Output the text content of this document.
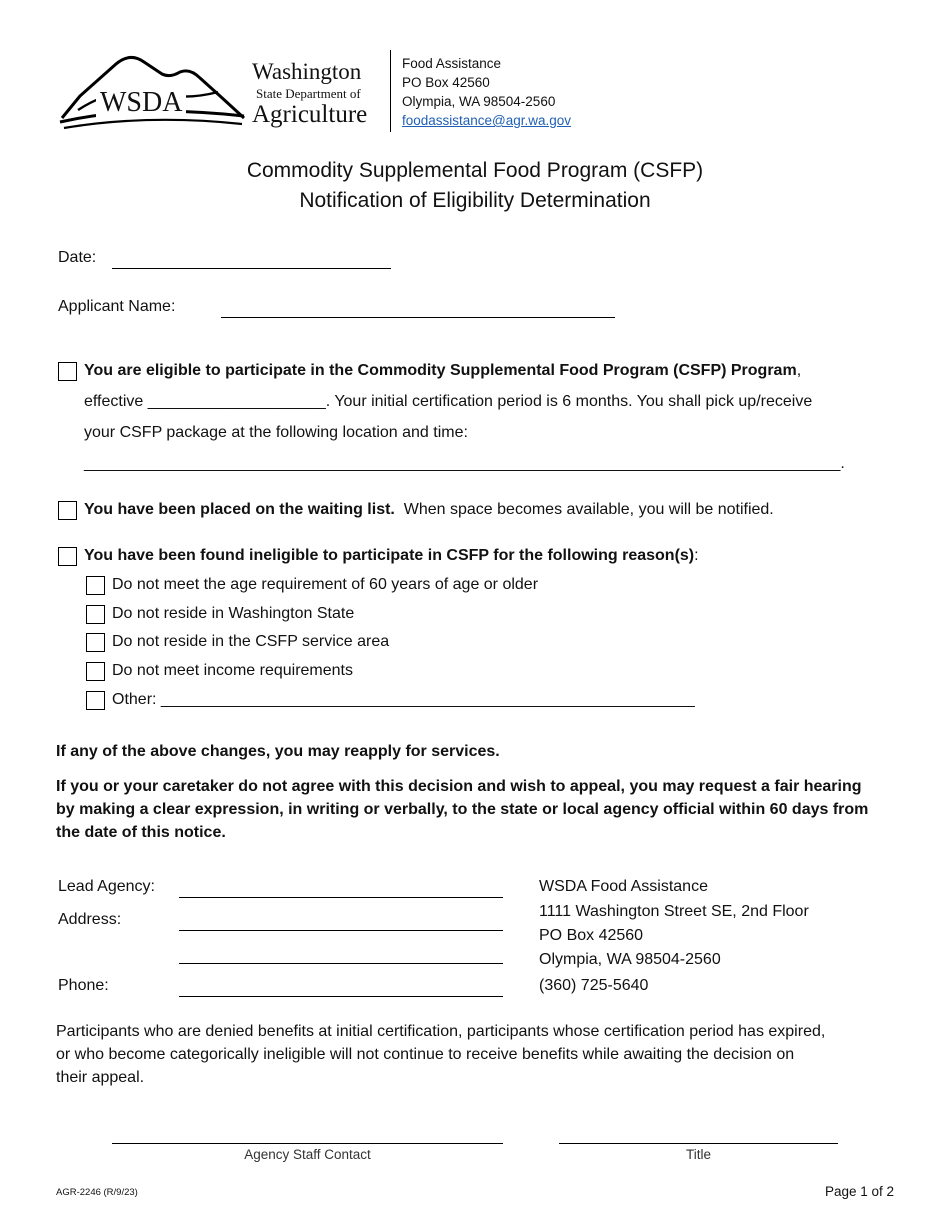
WSDA
Washington
State Department of
Agriculture
Food Assistance
PO Box 42560
Olympia, WA 98504-2560
foodassistance@agr.wa.gov
Commodity Supplemental Food Program (CSFP)
Notification of Eligibility Determination
Date:
Applicant Name:
You are eligible to participate in the Commodity Supplemental Food Program (CSFP) Program,
effective ____________________. Your initial certification period is 6 months. You shall pick up/receive
your CSFP package at the following location and time:
_____________________________________________________________________________________.
You have been placed on the waiting list. When space becomes available, you will be notified.
You have been found ineligible to participate in CSFP for the following reason(s):
Do not meet the age requirement of 60 years of age or older
Do not reside in Washington State
Do not reside in the CSFP service area
Do not meet income requirements
Other: ____________________________________________________________
If any of the above changes, you may reapply for services.
If you or your caretaker do not agree with this decision and wish to appeal, you may request a fair hearing
by making a clear expression, in writing or verbally, to the state or local agency official within 60 days from
the date of this notice.
Lead Agency:
Address:
Phone:
WSDA Food Assistance
1111 Washington Street SE, 2nd Floor
PO Box 42560
Olympia, WA 98504-2560
(360) 725-5640
Participants who are denied benefits at initial certification, participants whose certification period has expired,
or who become categorically ineligible will not continue to receive benefits while awaiting the decision on
their appeal.
Agency Staff Contact	Title
AGR-2246 (R/9/23)	Page 1 of 2
